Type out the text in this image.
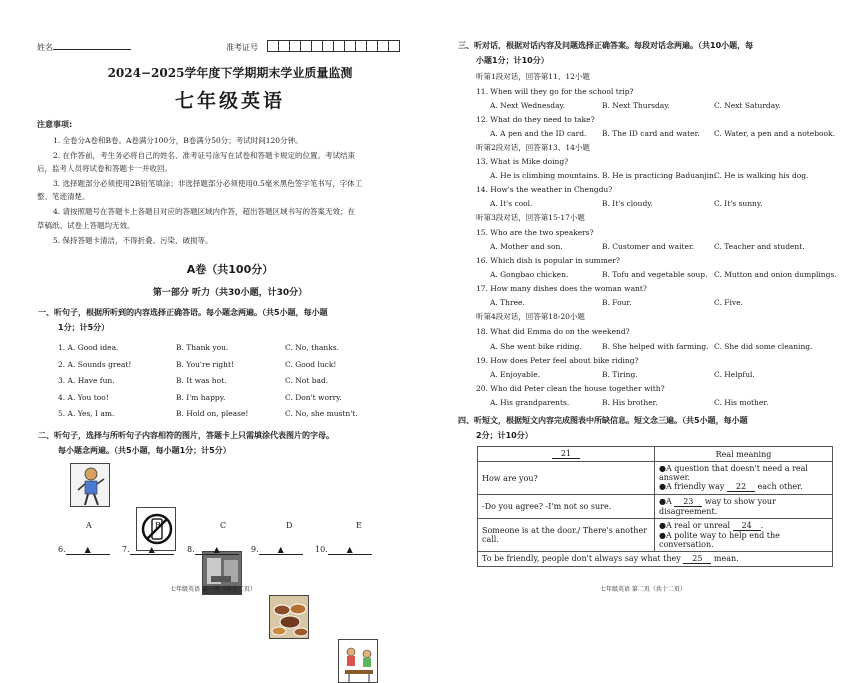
姓名	准考证号
2024−2025学年度下学期期末学业质量监测
七年级英语
注意事项:
1. 全卷分A卷和B卷。A卷满分100分，B卷满分50分；考试时间120分钟。
2. 在作答前，考生务必将自己的姓名、准考证号涂写在试卷和答题卡规定的位置。考试结束
后，监考人员将试卷和答题卡一并收回。
3. 选择题部分必须使用2B铅笔填涂；非选择题部分必须使用0.5毫米黑色签字笔书写，字体工
整、笔迹清楚。
4. 请按照题号在答题卡上各题目对应的答题区域内作答，超出答题区域书写的答案无效；在
草稿纸、试卷上答题均无效。
5. 保持答题卡清洁，不得折叠、污染、破损等。
A卷（共100分）
第一部分 听力（共30小题，计30分）
一、听句子，根据所听到的内容选择正确答语。每小题念两遍。（共5小题，每小题
1分；计5分）
1. A. Good idea.	B. Thank you.	C. No, thanks.
2. A. Sounds great!	B. You're right!	C. Good luck!
3. A. Have fun.	B. It was hot.	C. Not bad.
4. A. You too!	B. I'm happy.	C. Don't worry.
5. A. Yes, I am.	B. Hold on, please!	C. No, she mustn't.
二、听句子，选择与所听句子内容相符的图片，答题卡上只需填涂代表图片的字母。
每小题念两遍。（共5小题，每小题1分；计5分）
A	B	C	D	E
6. ▲	7. ▲	8. ▲	9. ▲	10. ▲
七年级英语 第一页（共十二页）
三、听对话，根据对话内容及问题选择正确答案。每段对话念两遍。（共10小题，每
小题1分；计10分）
听第1段对话，回答第11、12小题
11. When will they go for the school trip?
A. Next Wednesday.	B. Next Thursday.	C. Next Saturday.
12. What do they need to take?
A. A pen and the ID card. B. The ID card and water. C. Water, a pen and a notebook.
听第2段对话，回答第13、14小题
13. What is Mike doing?
A. He is climbing mountains. B. He is practicing Baduanjin.
C. He is walking his dog.
14. How's the weather in Chengdu?
A. It's cool.	B. It's cloudy.	C. It's sunny.
听第3段对话，回答第15-17小题
15. Who are the two speakers?
A. Mother and son.	B. Customer and waiter.	C. Teacher and student.
16. Which dish is popular in summer?
A. Gongbao chicken.	B. Tofu and vegetable soup. C. Mutton and onion dumplings.
17. How many dishes does the woman want?
A. Three.	B. Four.	C. Five.
听第4段对话，回答第18-20小题
18. What did Emma do on the weekend?
A. She went bike riding.	B. She helped with farming. C. She did some cleaning.
19. How does Peter feel about bike riding?
A. Enjoyable.	B. Tiring.	C. Helpful.
20. Who did Peter clean the house together with?
A. His grandparents.	B. His brother.	C. His mother.
四、听短文，根据短文内容完成图表中所缺信息。短文念三遍。（共5小题，每小题
2分；计10分）
21	Real meaning
How are you?	●A question that doesn't need a real answer.
●A friendly way 22 each other.

-Do you agree? -I'm not so sure.	●A 23 way to show your disagreement.
Someone is at the door./ There's another call.	●A real or unreal 24 .
●A polite way to help end the conversation.

To be friendly, people don't always say what they 25 mean.	
七年级英语 第二页（共十二页）
